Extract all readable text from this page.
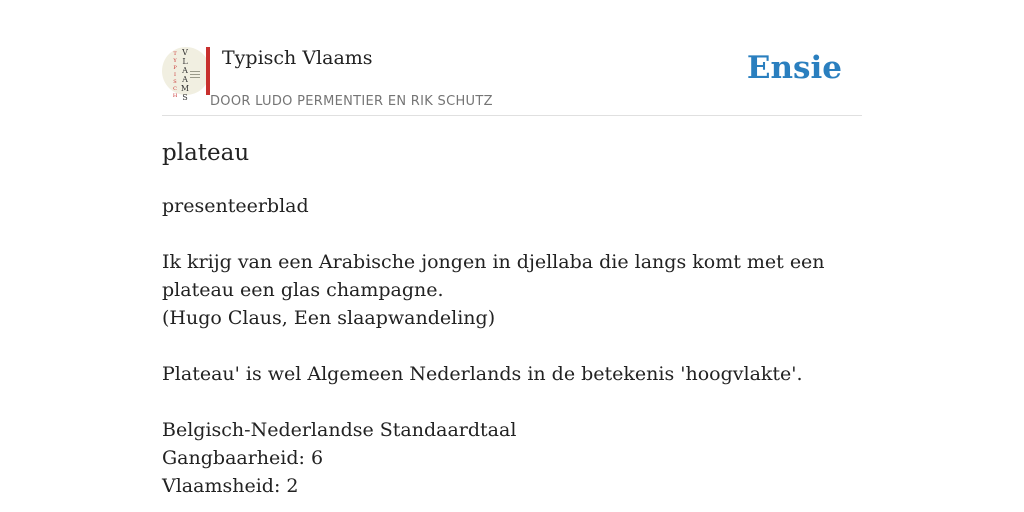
T
Y
P
I
S
C
H
V
L
A
A
M
S
Typisch Vlaams
DOOR LUDO PERMENTIER EN RIK SCHUTZ
Ensie
plateau

presenteerblad

Ik krijg van een Arabische jongen in djellaba die langs komt met een plateau een glas champagne.

(Hugo Claus, Een slaapwandeling)

Plateau' is wel Algemeen Nederlands in de betekenis 'hoogvlakte'.

Belgisch-Nederlandse Standaardtaal

Gangbaarheid: 6

Vlaamsheid: 2
